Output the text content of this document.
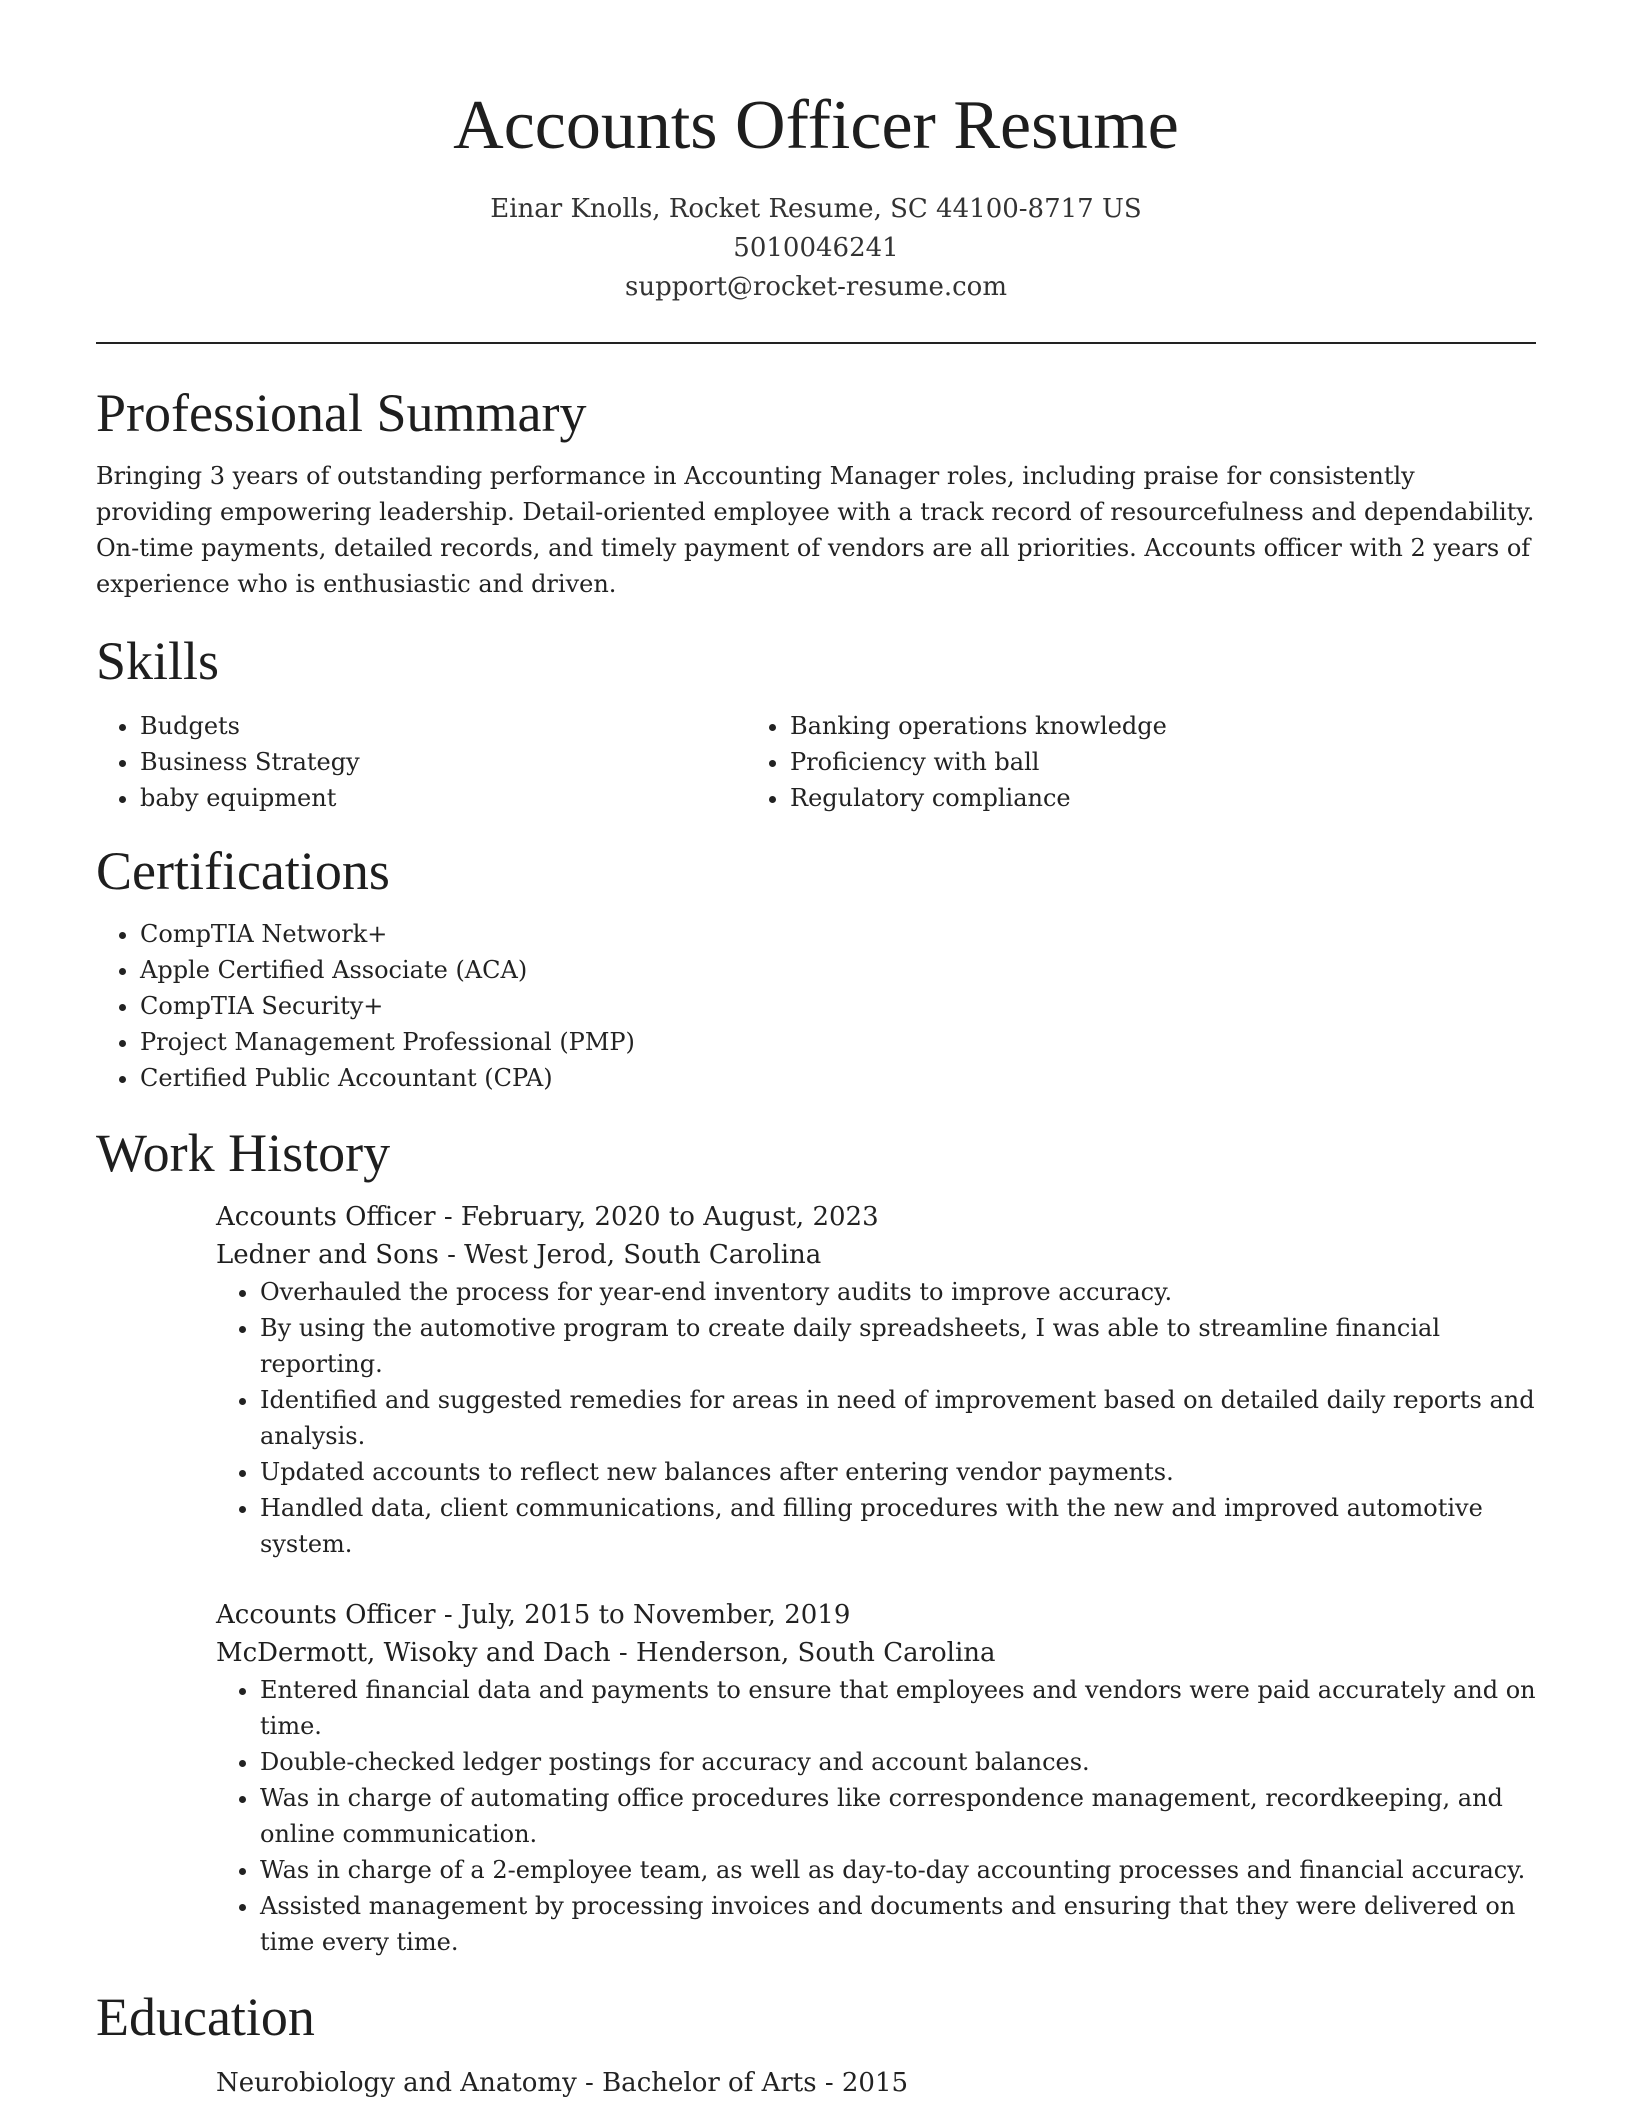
Accounts Officer Resume
Einar Knolls, Rocket Resume, SC 44100-8717 US
5010046241
support@rocket-resume.com
Professional Summary

Bringing 3 years of outstanding performance in Accounting Manager roles, including praise for consistently providing empowering leadership. Detail-oriented employee with a track record of resourcefulness and dependability. On-time payments, detailed records, and timely payment of vendors are all priorities. Accounts officer with 2 years of experience who is enthusiastic and driven.

Skills
• Budgets
• Business Strategy
• baby equipment
• Banking operations knowledge
• Proficiency with ball
• Regulatory compliance
Certifications
• CompTIA Network+
• Apple Certified Associate (ACA)
• CompTIA Security+
• Project Management Professional (PMP)
• Certified Public Accountant (CPA)
Work History
Accounts Officer - February, 2020 to August, 2023
Ledner and Sons - West Jerod, South Carolina
• Overhauled the process for year-end inventory audits to improve accuracy.
• By using the automotive program to create daily spreadsheets, I was able to streamline financial reporting.
• Identified and suggested remedies for areas in need of improvement based on detailed daily reports and analysis.
• Updated accounts to reflect new balances after entering vendor payments.
• Handled data, client communications, and filling procedures with the new and improved automotive system.
Accounts Officer - July, 2015 to November, 2019
McDermott, Wisoky and Dach - Henderson, South Carolina
• Entered financial data and payments to ensure that employees and vendors were paid accurately and on time.
• Double-checked ledger postings for accuracy and account balances.
• Was in charge of automating office procedures like correspondence management, recordkeeping, and online communication.
• Was in charge of a 2-employee team, as well as day-to-day accounting processes and financial accuracy.
• Assisted management by processing invoices and documents and ensuring that they were delivered on time every time.
Education
Neurobiology and Anatomy - Bachelor of Arts - 2015
